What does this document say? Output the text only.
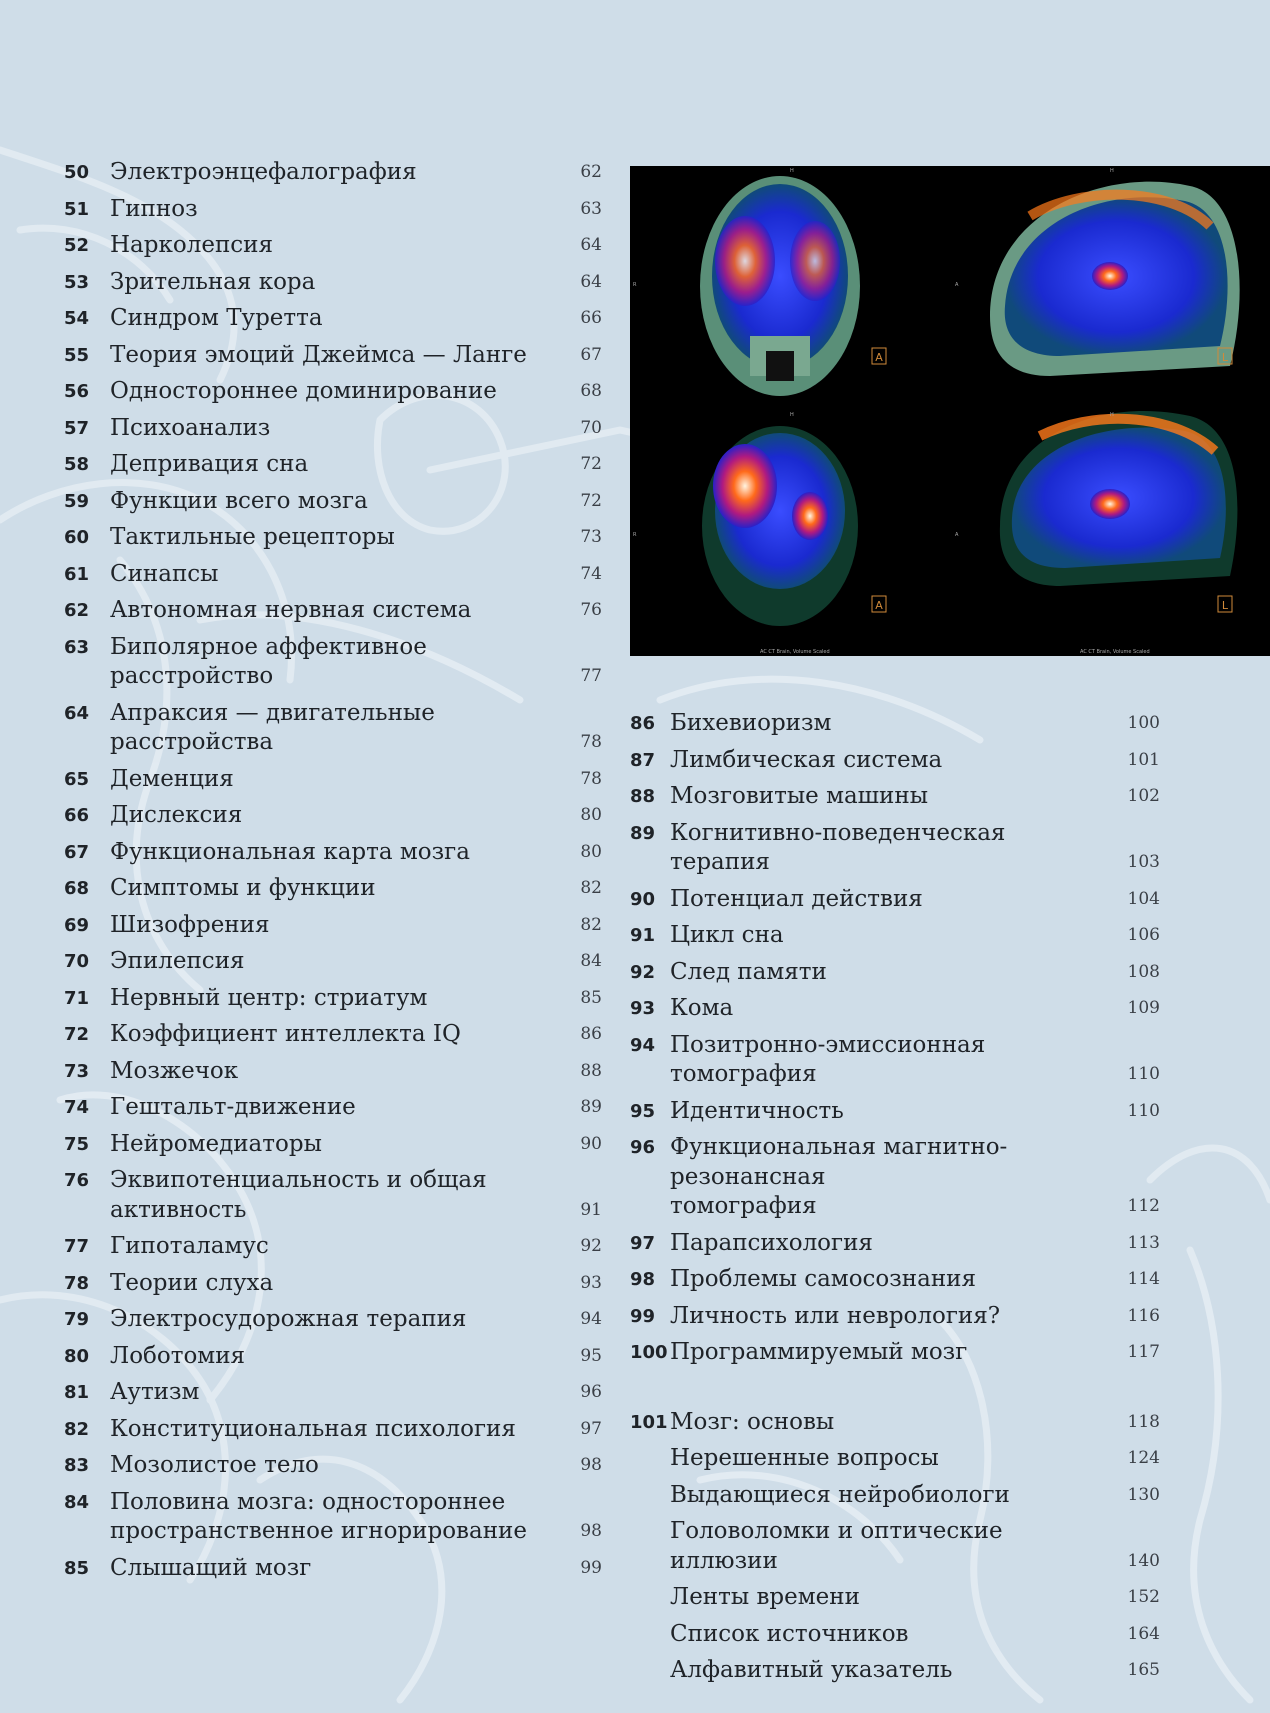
A	L
A	L
H	H
H	H
R
R
A
A
AC CT Brain, Volume Scaled	AC CT Brain, Volume Scaled
50 Электроэнцефалография	62
51 Гипноз	63
52 Нарколепсия	64
53 Зрительная кора	64
54 Синдром Туретта	66
55 Теория эмоций Джеймса — Ланге	67
56 Одностороннее доминирование	68
57 Психоанализ	70
58 Депривация сна	72
59 Функции всего мозга	72
60 Тактильные рецепторы	73
61 Синапсы	74
62 Автономная нервная система	76
63 Биполярное аффективное
расстройство	77
64 Апраксия — двигательные
расстройства	78
65 Деменция	78
66 Дислексия	80
67 Функциональная карта мозга	80
68 Симптомы и функции	82
69 Шизофрения	82
70 Эпилепсия	84
71 Нервный центр: стриатум	85
72 Коэффициент интеллекта IQ	86
73 Мозжечок	88
74 Гештальт-движение	89
75 Нейромедиаторы	90
76 Эквипотенциальность и общая
активность	91
77 Гипоталамус	92
78 Теории слуха	93
79 Электросудорожная терапия	94
80 Лоботомия	95
81 Аутизм	96
82 Конституциональная психология	97
83 Мозолистое тело	98
84 Половина мозга: одностороннее
пространственное игнорирование	98
85 Слышащий мозг	99
86 Бихевиоризм	100
87 Лимбическая система	101
88 Мозговитые машины	102
89 Когнитивно-поведенческая терапия	103
90 Потенциал действия	104
91 Цикл сна	106
92 След памяти	108
93 Кома	109
94 Позитронно-эмиссионная
томография	110
95 Идентичность	110
96 Функциональная магнитно-резонансная
томография	112
97 Парапсихология	113
98 Проблемы самосознания	114
99 Личность или неврология?	116
100 Программируемый мозг	117
101 Мозг: основы	118
Нерешенные вопросы	124
Выдающиеся нейробиологи	130
Головоломки и оптические иллюзии	140
Ленты времени	152
Список источников	164
Алфавитный указатель	165
